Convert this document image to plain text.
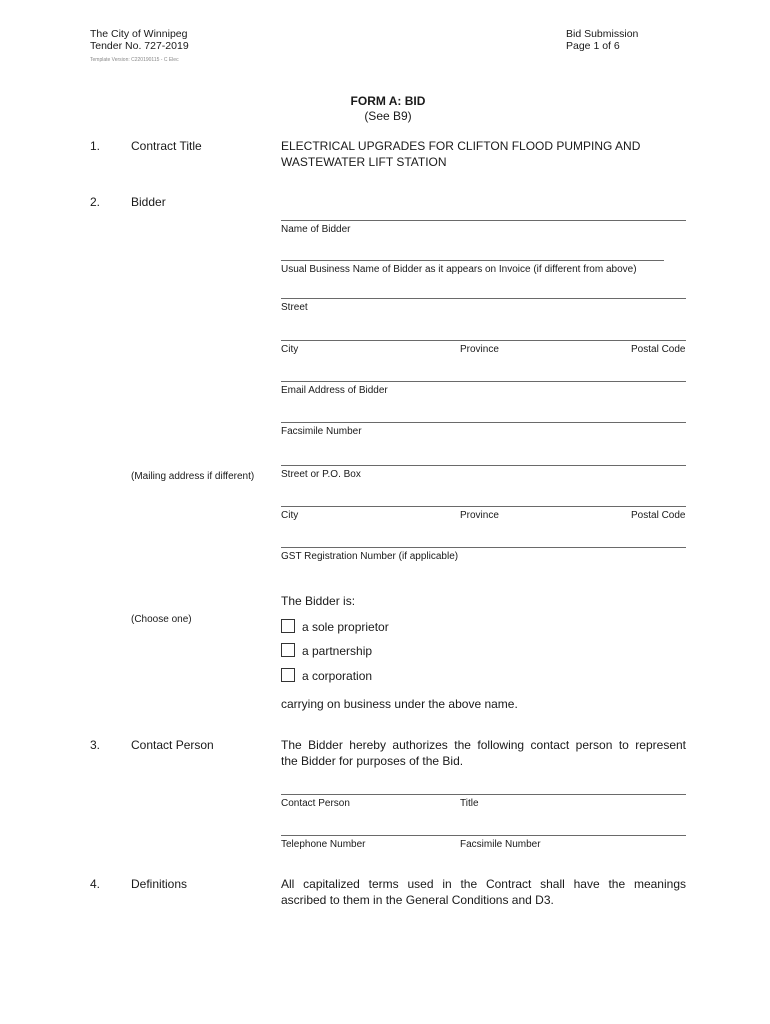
The City of Winnipeg
Tender No. 727-2019
Template Version: C220190115 - C Elec
Bid Submission
Page 1 of 6
FORM A: BID
(See B9)
1.	Contract Title	ELECTRICAL UPGRADES FOR CLIFTON FLOOD PUMPING AND
WASTEWATER LIFT STATION
2.	Bidder
Name of Bidder
Usual Business Name of Bidder as it appears on Invoice (if different from above)
Street
City	Province	Postal Code
Email Address of Bidder
Facsimile Number
(Mailing address if different)	Street or P.O. Box
City	Province	Postal Code
GST Registration Number (if applicable)
The Bidder is:
(Choose one)
a sole proprietor
a partnership
a corporation
carrying on business under the above name.
3.	Contact Person	The Bidder hereby authorizes the following contact person to represent
the Bidder for purposes of the Bid.
Contact Person	Title
Telephone Number	Facsimile Number
4.	Definitions	All capitalized terms used in the Contract shall have the meanings
ascribed to them in the General Conditions and D3.
